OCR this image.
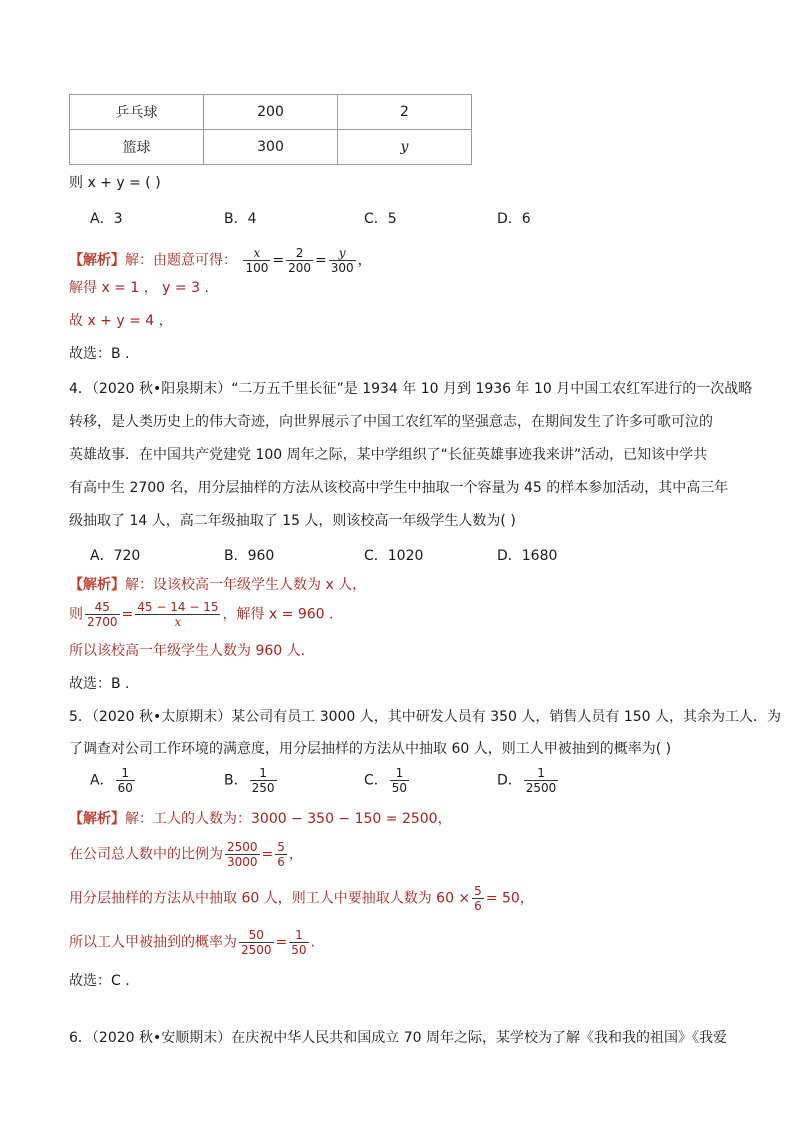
乒乓球	200	2
篮球	300	y
则 x + y = ( )
A．3	B．4	C．5	D．6
【解析】解：由题意可得： $\frac{x}{100} = \frac{2}{200} = \frac{y}{300}$ ，
解得 x = 1 ， y = 3 .
故 x + y = 4 ，
故选：B .
4．（2020 秋•阳泉期末）“二万五千里长征”是 1934 年 10 月到 1936 年 10 月中国工农红军进行的一次战略
转移，是人类历史上的伟大奇迹，向世界展示了中国工农红军的坚强意志，在期间发生了许多可歌可泣的
英雄故事．在中国共产党建党 100 周年之际，某中学组织了“长征英雄事迹我来讲”活动，已知该中学共
有高中生 2700 名，用分层抽样的方法从该校高中学生中抽取一个容量为 45 的样本参加活动，其中高三年
级抽取了 14 人，高二年级抽取了 15 人，则该校高一年级学生人数为( )
A．720	B．960	C．1020	D．1680
【解析】解：设该校高一年级学生人数为 x 人，
则 $\frac{45}{2700} = \frac{45 - 14 - 15}{x}$ ，解得 x = 960 .
所以该校高一年级学生人数为 960 人.
故选：B .
5．（2020 秋•太原期末）某公司有员工 3000 人，其中研发人员有 350 人，销售人员有 150 人，其余为工人．为
了调查对公司工作环境的满意度，用分层抽样的方法从中抽取 60 人，则工人甲被抽到的概率为( )
A． $\frac{1}{60}$	B． $\frac{1}{250}$	C． $\frac{1}{50}$	D． $\frac{1}{2500}$
【解析】解：工人的人数为：3000 − 350 − 150 = 2500，
在公司总人数中的比例为 $\frac{2500}{3000} = \frac{5}{6}$ ，
用分层抽样的方法从中抽取 60 人，则工人中要抽取人数为 $60 \times \frac{5}{6} = 50$，
所以工人甲被抽到的概率为 $\frac{50}{2500} = \frac{1}{50}$ .
故选：C .
6．（2020 秋•安顺期末）在庆祝中华人民共和国成立 70 周年之际，某学校为了解《我和我的祖国》《我爱
